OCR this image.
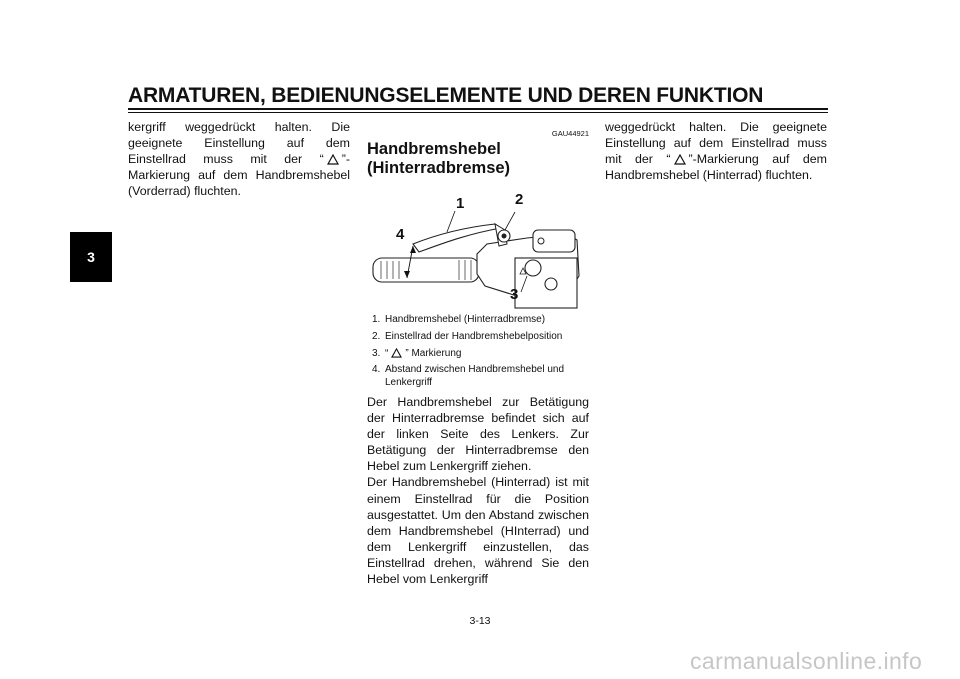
ARMATUREN, BEDIENUNGSELEMENTE UND DEREN FUNKTION
3

kergriff weggedrückt halten. Die geeignete Einstellung auf dem Einstellrad muss mit der “ ”-Markierung auf dem Handbremshebel (Vorderrad) fluchten.

GAU44921
Handbremshebel
(Hinterradbremse)
1	2
3
4
1. Handbremshebel (Hinterradbremse)
2. Einstellrad der Handbremshebelposition
3. “ ” Markierung
4. Abstand zwischen Handbremshebel und Lenkergriff

Der Handbremshebel zur Betätigung der Hinterradbremse befindet sich auf der linken Seite des Lenkers. Zur Betätigung der Hinterradbremse den Hebel zum Lenkergriff ziehen.

Der Handbremshebel (Hinterrad) ist mit einem Einstellrad für die Position ausgestattet. Um den Abstand zwischen dem Handbremshebel (HInterrad) und dem Lenkergriff einzustellen, das Einstellrad drehen, während Sie den Hebel vom Lenkergriff

weggedrückt halten. Die geeignete Einstellung auf dem Einstellrad muss mit der “ ”-Markierung auf dem Handbremshebel (Hinterrad) fluchten.

3-13
carmanualsonline.info
